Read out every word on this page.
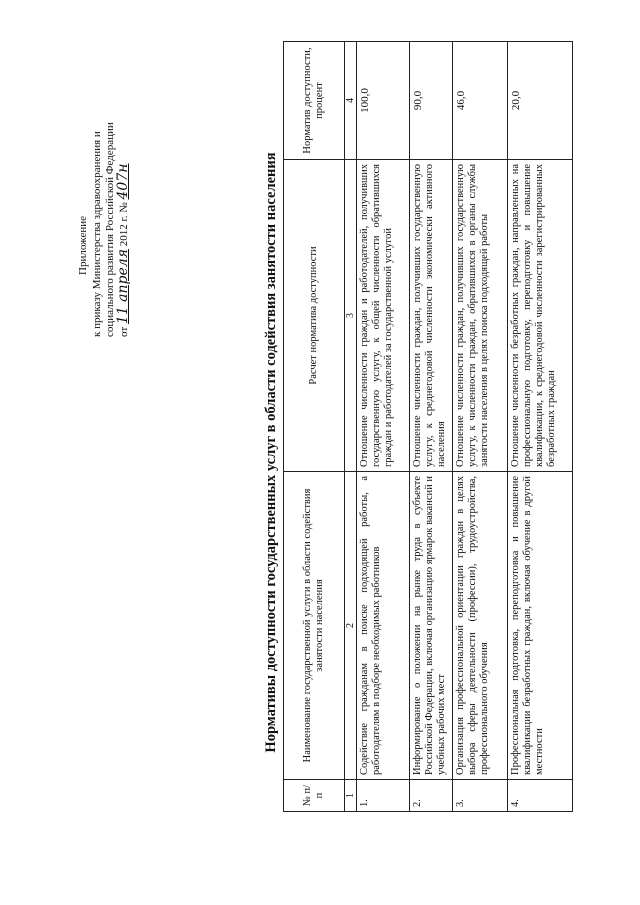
Приложение
к приказу Министерства здравоохранения и социального развития Российской Федерации от 11 апреля 2012 г. № 407н	Нормативы доступности государственных услуг в области содействия занятости населения
№ п/п	Наименование государственной услуги в области содействия занятости населения	Расчет норматива доступности	Норматив доступности, процент
1	2	3	4
1.	Содействие гражданам в поиске подходящей работы, а работодателям в подборе необходимых работников	Отношение численности граждан и работодателей, получивших государственную услугу, к общей численности обратившихся граждан и работодателей за государственной услугой	100,0
2.	Информирование о положении на рынке труда в субъекте Российской Федерации, включая организацию ярмарок вакансий и учебных рабочих мест	Отношение численности граждан, получивших государственную услугу, к среднегодовой численности экономически активного населения	90,0
3.	Организация профессиональной ориентации граждан в целях выбора сферы деятельности (профессии), трудоустройства, профессионального обучения	Отношение численности граждан, получивших государственную услугу, к численности граждан, обратившихся в органы службы занятости населения в целях поиска подходящей работы	46,0
4.	Профессиональная подготовка, переподготовка и повышение квалификации безработных граждан, включая обучение в другой местности	Отношение численности безработных граждан, направленных на профессиональную подготовку, переподготовку и повышение квалификации, к среднегодовой численности зарегистрированных безработных граждан	20,0
